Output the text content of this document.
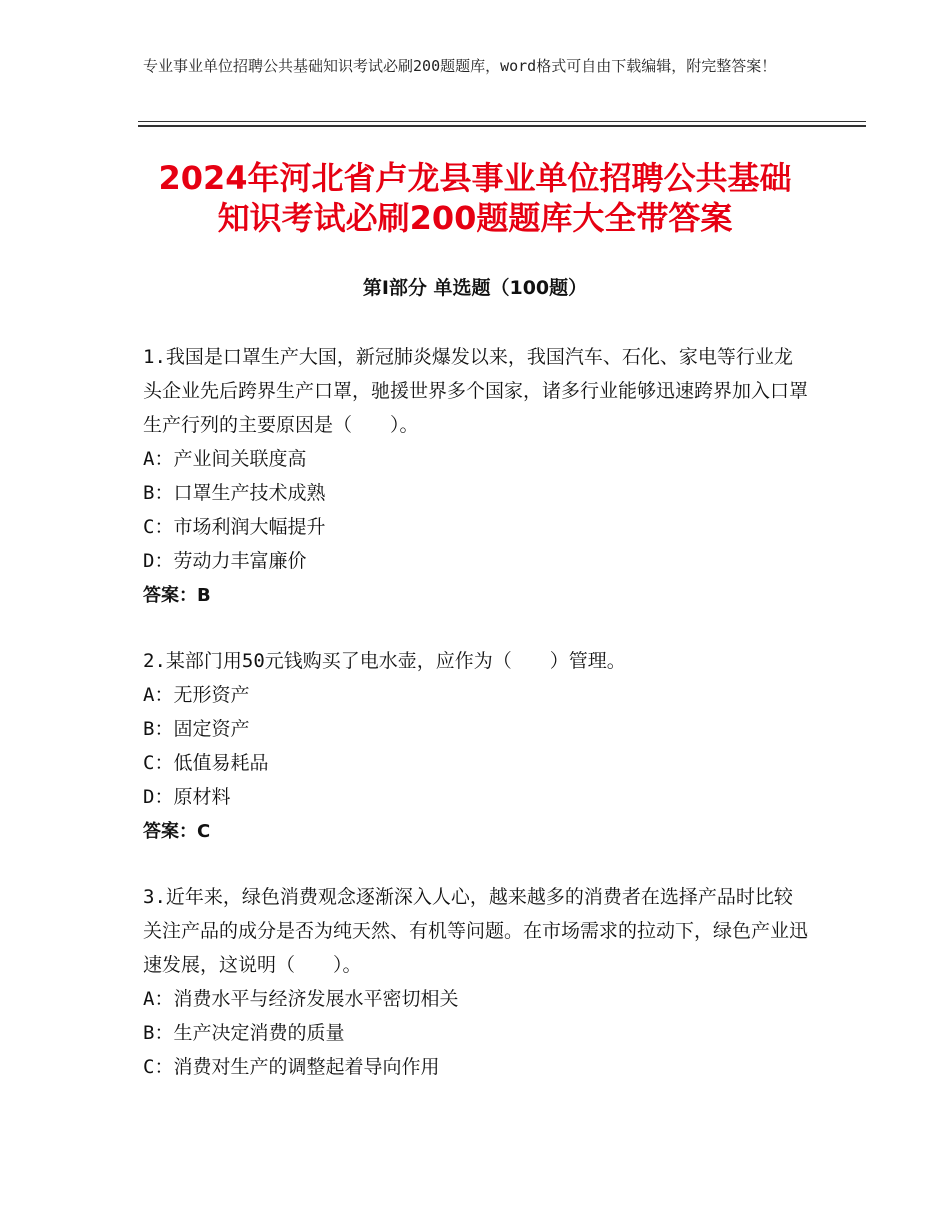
专业事业单位招聘公共基础知识考试必刷200题题库，word格式可自由下载编辑，附完整答案！
2024年河北省卢龙县事业单位招聘公共基础
知识考试必刷200题题库大全带答案
第Ⅰ部分 单选题（100题）

1.我国是口罩生产大国，新冠肺炎爆发以来，我国汽车、石化、家电等行业龙头企业先后跨界生产口罩，驰援世界多个国家，诸多行业能够迅速跨界加入口罩生产行列的主要原因是（　　）。

A：产业间关联度高

B：口罩生产技术成熟

C：市场利润大幅提升

D：劳动力丰富廉价

答案：B

2.某部门用50元钱购买了电水壶，应作为（　　）管理。

A：无形资产

B：固定资产

C：低值易耗品

D：原材料

答案：C

3.近年来，绿色消费观念逐渐深入人心，越来越多的消费者在选择产品时比较关注产品的成分是否为纯天然、有机等问题。在市场需求的拉动下，绿色产业迅速发展，这说明（　　）。

A：消费水平与经济发展水平密切相关

B：生产决定消费的质量

C：消费对生产的调整起着导向作用
